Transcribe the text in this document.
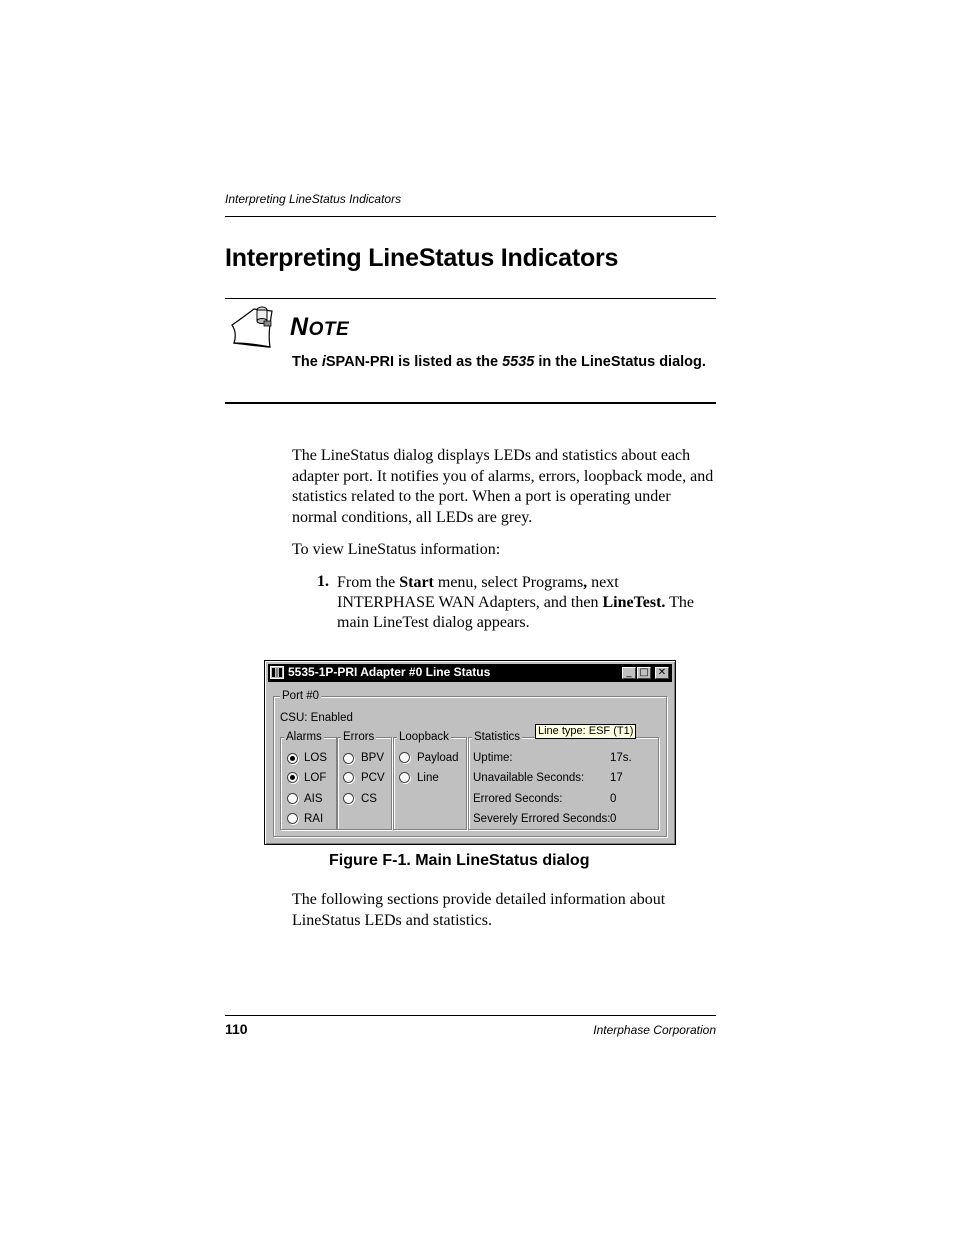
Interpreting LineStatus Indicators
Interpreting LineStatus Indicators
NOTE
The iSPAN-PRI is listed as the 5535 in the LineStatus dialog.
The LineStatus dialog displays LEDs and statistics about each adapter port. It notifies you of alarms, errors, loopback mode, and statistics related to the port. When a port is operating under normal conditions, all LEDs are grey.
To view LineStatus information:
1. From the Start menu, select Programs, next INTERPHASE WAN Adapters, and then LineTest. The main LineTest dialog appears.
5535-1P-PRI Adapter #0 Line Status	_ □ ✕
Port #0
CSU: Enabled
Alarms
LOS
LOF
AIS
RAI
Errors
BPV
PCV
CS
Loopback
Payload
Line
Statistics
Uptime:	17s.
Unavailable Seconds: 17
Errored Seconds:	0
Severely Errored Seconds: 0
Line type: ESF (T1)
Figure F-1. Main LineStatus dialog
The following sections provide detailed information about LineStatus LEDs and statistics.
110	Interphase Corporation
